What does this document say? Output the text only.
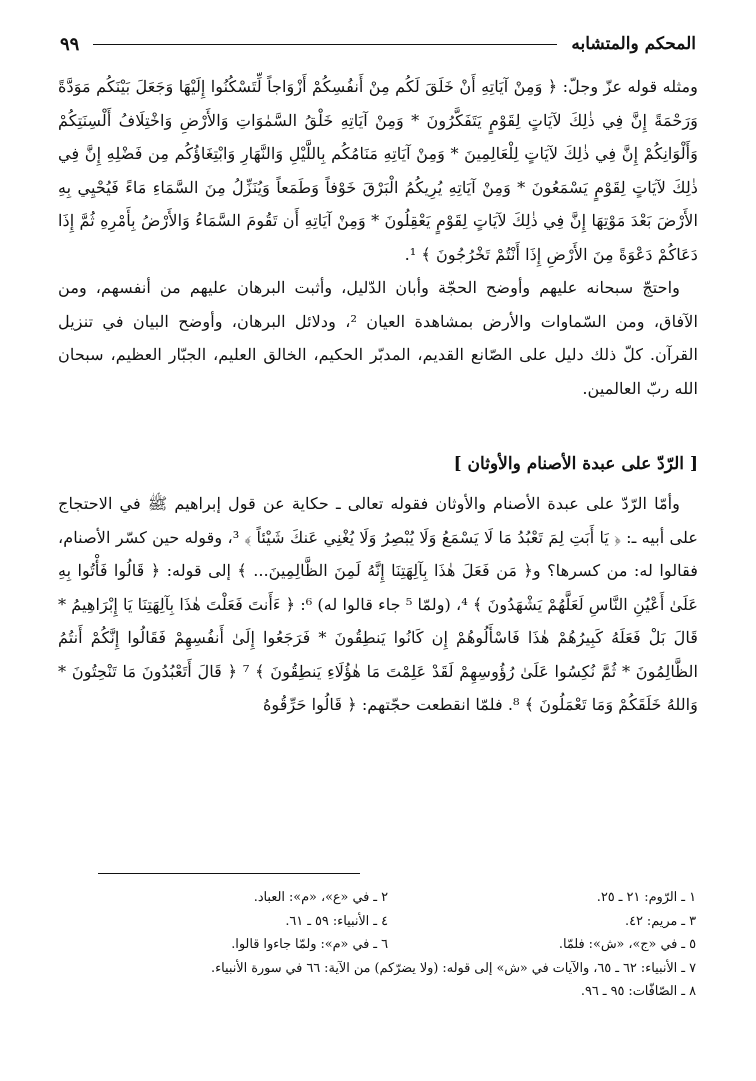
المحكم والمتشابه
٩٩

ومثله قوله عزّ وجلّ: ﴿ وَمِنْ آيَاتِهِ أَنْ خَلَقَ لَكُم مِنْ أَنفُسِكُمْ أَزْوَاجاً لِّتَسْكُنُوا إِلَيْهَا وَجَعَلَ بَيْنَكُم مَوَدَّةً وَرَحْمَةً إِنَّ فِي ذٰلِكَ لآيَاتٍ لِقَوْمٍ يَتَفَكَّرُونَ * وَمِنْ آيَاتِهِ خَلْقُ السَّمٰوَاتِ وَالأَرْضِ وَاخْتِلَافُ أَلْسِنَتِكُمْ وَأَلْوَانِكُمْ إِنَّ فِي ذٰلِكَ لآيَاتٍ لِلْعَالِمِينَ * وَمِنْ آيَاتِهِ مَنَامُكُم بِاللَّيْلِ وَالنَّهَارِ وَابْتِغَاؤُكُم مِن فَضْلِهِ إِنَّ فِي ذٰلِكَ لآيَاتٍ لِقَوْمٍ يَسْمَعُونَ * وَمِنْ آيَاتِهِ يُرِيكُمُ الْبَرْقَ خَوْفاً وَطَمَعاً وَيُنَزِّلُ مِنَ السَّمَاءِ مَاءً فَيُحْيِي بِهِ الأَرْضَ بَعْدَ مَوْتِهَا إِنَّ فِي ذٰلِكَ لآيَاتٍ لِقَوْمٍ يَعْقِلُونَ * وَمِنْ آيَاتِهِ أَن تَقُومَ السَّمَاءُ وَالأَرْضُ بِأَمْرِهِ ثُمَّ إِذَا دَعَاكُمْ دَعْوَةً مِنَ الأَرْضِ إِذَا أَنْتُمْ تَخْرُجُونَ ﴾ ¹.

واحتجّ سبحانه عليهم وأوضح الحجّة وأبان الدّليل، وأثبت البرهان عليهم من أنفسهم، ومن الآفاق، ومن السّماوات والأرض بمشاهدة العيان ²، ودلائل البرهان، وأوضح البيان في تنزيل القرآن. كلّ ذلك دليل على الصّانع القديم، المدبّر الحكيم، الخالق العليم، الجبّار العظيم، سبحان الله ربّ العالمين.

[ الرّدّ على عبدة الأصنام والأوثان ]

وأمّا الرّدّ على عبدة الأصنام والأوثان فقوله تعالى ـ حكاية عن قول إبراهيم ﷺ في الاحتجاج على أبيه ـ: ﴿ يَا أَبَتِ لِمَ تَعْبُدُ مَا لَا يَسْمَعُ وَلَا يُبْصِرُ وَلَا يُغْنِي عَنكَ شَيْئاً ﴾ ³، وقوله حين كسّر الأصنام، فقالوا له: من كسرها؟ و﴿ مَن فَعَلَ هٰذَا بِآلِهَتِنَا إِنَّهُ لَمِنَ الظَّالِمِينَ... ﴾ إلى قوله: ﴿ قَالُوا فَأْتُوا بِهِ عَلَىٰ أَعْيُنِ النَّاسِ لَعَلَّهُمْ يَشْهَدُونَ ﴾ ⁴، (ولمّا ⁵ جاء قالوا له) ⁶: ﴿ ءَأَنتَ فَعَلْتَ هٰذَا بِآلِهَتِنَا يَا إِبْرَاهِيمُ * قَالَ بَلْ فَعَلَهُ كَبِيرُهُمْ هٰذَا فَاسْأَلُوهُمْ إِن كَانُوا يَنطِقُونَ * فَرَجَعُوا إِلَىٰ أَنفُسِهِمْ فَقَالُوا إِنَّكُمْ أَنتُمُ الظَّالِمُونَ * ثُمَّ نُكِسُوا عَلَىٰ رُؤُوسِهِمْ لَقَدْ عَلِمْتَ مَا هٰؤُلَاءِ يَنطِقُونَ ﴾ ⁷ ﴿ قَالَ أَتَعْبُدُونَ مَا تَنْحِتُونَ * وَاللهُ خَلَقَكُمْ وَمَا تَعْمَلُونَ ﴾ ⁸. فلمّا انقطعت حجّتهم: ﴿ قَالُوا حَرِّقُوهُ

١ ـ الرّوم: ٢١ ـ ٢٥.
٢ ـ في «ع»، «م»: العباد.
٣ ـ مريم: ٤٢.
٤ ـ الأنبياء: ٥٩ ـ ٦١.
٥ ـ في «ج»، «ش»: فلمّا.
٦ ـ في «م»: ولمّا جاءوا قالوا.
٧ ـ الأنبياء: ٦٢ ـ ٦٥، والآيات في «ش» إلى قوله: (ولا يضرّكم) من الآية: ٦٦ في سورة الأنبياء.
٨ ـ الصّافّات: ٩٥ ـ ٩٦.
